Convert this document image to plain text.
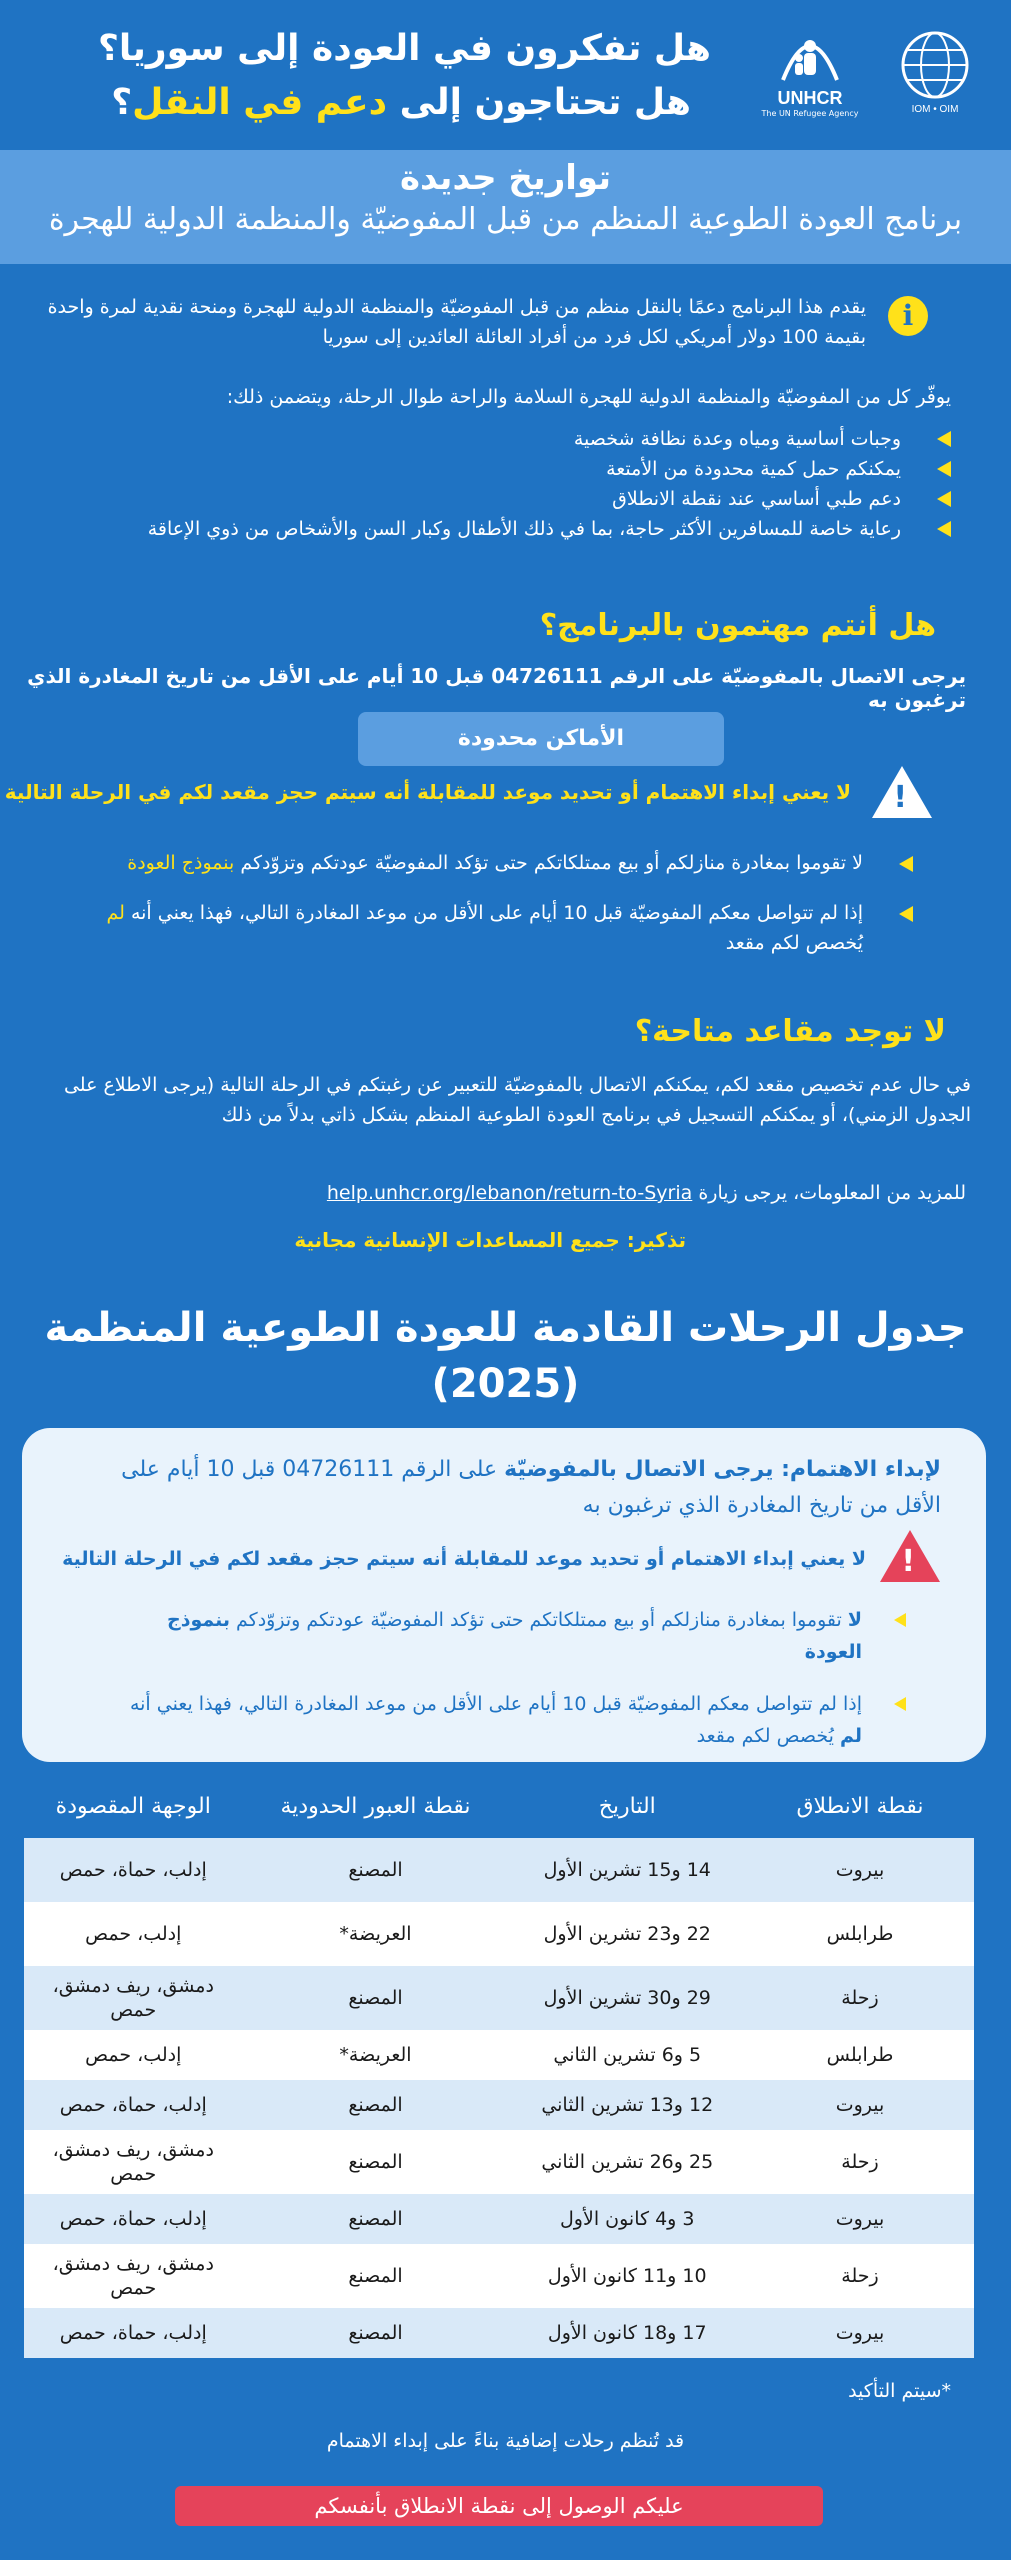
هل تفكرون في العودة إلى سوريا؟
هل تحتاجون إلى دعم في النقل؟	UNHCR
The UN Refugee Agency	IOM • OIM
تواريخ جديدة
برنامج العودة الطوعية المنظم من قبل المفوضيّة والمنظمة الدولية للهجرة
i
يقدم هذا البرنامج دعمًا بالنقل منظم من قبل المفوضيّة والمنظمة الدولية للهجرة ومنحة نقدية لمرة واحدة بقيمة 100 دولار أمريكي لكل فرد من أفراد العائلة العائدين إلى سوريا
يوفّر كل من المفوضيّة والمنظمة الدولية للهجرة السلامة والراحة طوال الرحلة، ويتضمن ذلك:
وجبات أساسية ومياه وعدة نظافة شخصية
يمكنكم حمل كمية محدودة من الأمتعة
دعم طبي أساسي عند نقطة الانطلاق
رعاية خاصة للمسافرين الأكثر حاجة، بما في ذلك الأطفال وكبار السن والأشخاص من ذوي الإعاقة
هل أنتم مهتمون بالبرنامج؟
يرجى الاتصال بالمفوضيّة على الرقم 04726111 قبل 10 أيام على الأقل من تاريخ المغادرة الذي ترغبون به
الأماكن محدودة
!
لا يعني إبداء الاهتمام أو تحديد موعد للمقابلة أنه سيتم حجز مقعد لكم في الرحلة التالية
لا تقوموا بمغادرة منازلكم أو بيع ممتلكاتكم حتى تؤكد المفوضيّة عودتكم وتزوّدكم بنموذج العودة
إذا لم تتواصل معكم المفوضيّة قبل 10 أيام على الأقل من موعد المغادرة التالي، فهذا يعني أنه لم يُخصص لكم مقعد
لا توجد مقاعد متاحة؟
في حال عدم تخصيص مقعد لكم، يمكنكم الاتصال بالمفوضيّة للتعبير عن رغبتكم في الرحلة التالية (يرجى الاطلاع على الجدول الزمني)، أو يمكنكم التسجيل في برنامج العودة الطوعية المنظم بشكل ذاتي بدلاً من ذلك
للمزيد من المعلومات، يرجى زيارة help.unhcr.org/lebanon/return-to-Syria
تذكير: جميع المساعدات الإنسانية مجانية
جدول الرحلات القادمة للعودة الطوعية المنظمة
(2025)
لإبداء الاهتمام: يرجى الاتصال بالمفوضيّة على الرقم 04726111 قبل 10 أيام على الأقل من تاريخ المغادرة الذي ترغبون به
!
لا يعني إبداء الاهتمام أو تحديد موعد للمقابلة أنه سيتم حجز مقعد لكم في الرحلة التالية
لا تقوموا بمغادرة منازلكم أو بيع ممتلكاتكم حتى تؤكد المفوضيّة عودتكم وتزوّدكم بنموذج العودة
إذا لم تتواصل معكم المفوضيّة قبل 10 أيام على الأقل من موعد المغادرة التالي، فهذا يعني أنه لم يُخصص لكم مقعد
نقطة الانطلاق	التاريخ	نقطة العبور الحدودية	الوجهة المقصودة
بيروت	14 و15 تشرين الأول	المصنع	إدلب، حماة، حمص
طرابلس	22 و23 تشرين الأول	العريضة*	إدلب، حمص
زحلة	29 و30 تشرين الأول	المصنع	دمشق، ريف دمشق، حمص
طرابلس	5 و6 تشرين الثاني	العريضة*	إدلب، حمص
بيروت	12 و13 تشرين الثاني	المصنع	إدلب، حماة، حمص
زحلة	25 و26 تشرين الثاني	المصنع	دمشق، ريف دمشق، حمص
بيروت	3 و4 كانون الأول	المصنع	إدلب، حماة، حمص
زحلة	10 و11 كانون الأول	المصنع	دمشق، ريف دمشق، حمص
بيروت	17 و18 كانون الأول	المصنع	إدلب، حماة، حمص
*سيتم التأكيد
قد تُنظم رحلات إضافية بناءً على إبداء الاهتمام
عليكم الوصول إلى نقطة الانطلاق بأنفسكم
